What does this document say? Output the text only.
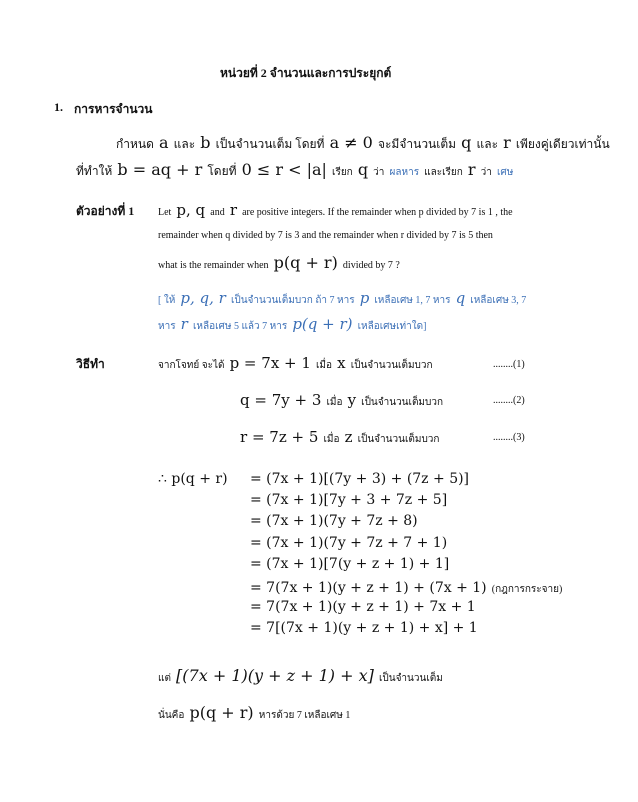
หน่วยที่ 2 จำนวนและการประยุกต์
1. การหารจำนวน
กำหนด a และ b เป็นจำนวนเต็ม โดยที่ a ≠ 0 จะมีจำนวนเต็ม q และ r เพียงคู่เดียวเท่านั้น
ที่ทำให้ b = aq + r โดยที่ 0 ≤ r < |a| เรียก q ว่า ผลหาร และเรียก r ว่า เศษ
ตัวอย่างที่ 1 Let p, q and r are positive integers. If the remainder when p divided by 7 is 1 , the
remainder when q divided by 7 is 3 and the remainder when r divided by 7 is 5 then
what is the remainder when p(q + r) divided by 7 ?
[ ให้ p, q, r เป็นจำนวนเต็มบวก ถ้า 7 หาร p เหลือเศษ 1, 7 หาร q เหลือเศษ 3, 7
หาร r เหลือเศษ 5 แล้ว 7 หาร p(q + r) เหลือเศษเท่าใด]
วิธีทำ	จากโจทย์ จะได้ p = 7x + 1 เมื่อ x เป็นจำนวนเต็มบวก	........(1)
q = 7y + 3 เมื่อ y เป็นจำนวนเต็มบวก	........(2)
r = 7z + 5 เมื่อ z เป็นจำนวนเต็มบวก	........(3)
∴ p(q + r) = (7x + 1)[(7y + 3) + (7z + 5)]
= (7x + 1)[7y + 3 + 7z + 5]
= (7x + 1)(7y + 7z + 8)
= (7x + 1)(7y + 7z + 7 + 1)
= (7x + 1)[7(y + z + 1) + 1]
= 7(7x + 1)(y + z + 1) + (7x + 1) (กฎการกระจาย)
= 7(7x + 1)(y + z + 1) + 7x + 1
= 7[(7x + 1)(y + z + 1) + x] + 1
แต่ [(7x + 1)(y + z + 1) + x] เป็นจำนวนเต็ม
นั่นคือ p(q + r) หารด้วย 7 เหลือเศษ 1
